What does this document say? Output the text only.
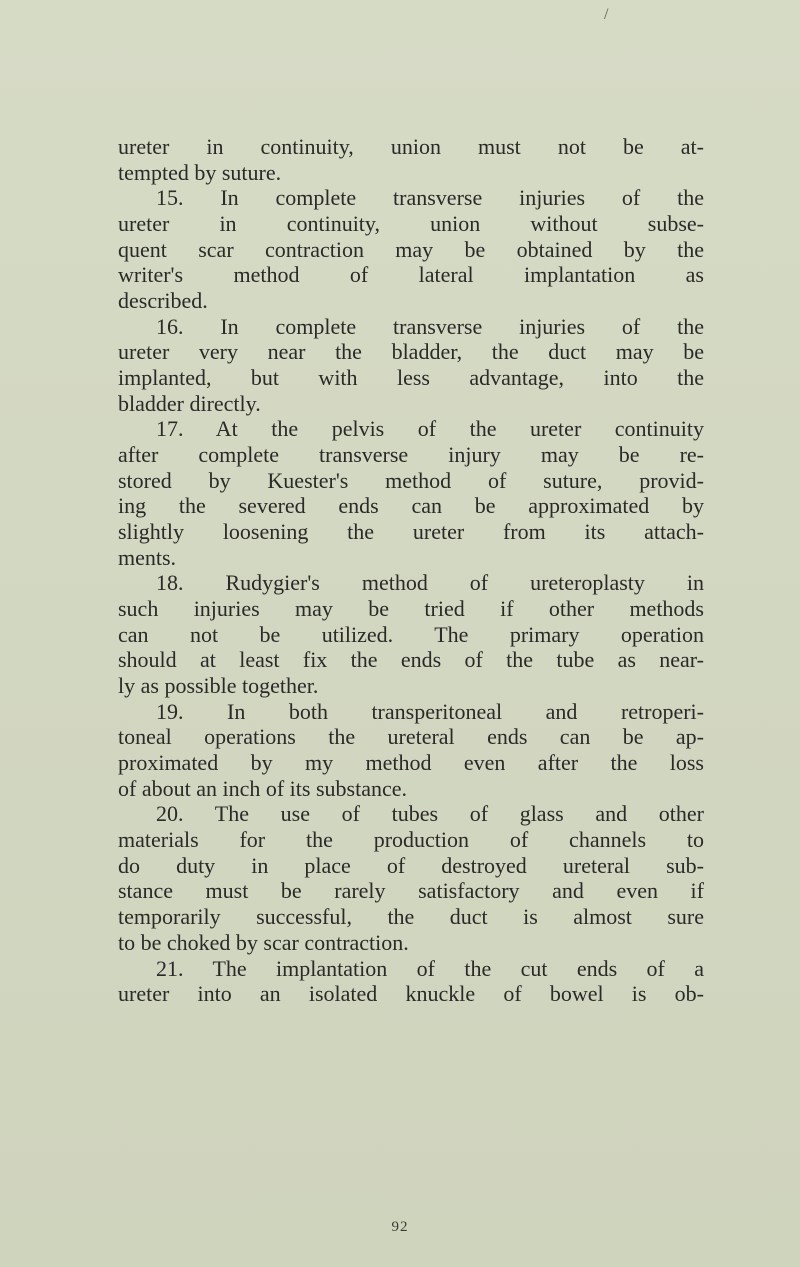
/
ureter in continuity, union must not be at-
tempted by suture.
15. In complete transverse injuries of the
ureter in continuity, union without subse-
quent scar contraction may be obtained by the
writer's method of lateral implantation as
described.
16. In complete transverse injuries of the
ureter very near the bladder, the duct may be
implanted, but with less advantage, into the
bladder directly.
17. At the pelvis of the ureter continuity
after complete transverse injury may be re-
stored by Kuester's method of suture, provid-
ing the severed ends can be approximated by
slightly loosening the ureter from its attach-
ments.
18. Rudygier's method of ureteroplasty in
such injuries may be tried if other methods
can not be utilized. The primary operation
should at least fix the ends of the tube as near-
ly as possible together.
19. In both transperitoneal and retroperi-
toneal operations the ureteral ends can be ap-
proximated by my method even after the loss
of about an inch of its substance.
20. The use of tubes of glass and other
materials for the production of channels to
do duty in place of destroyed ureteral sub-
stance must be rarely satisfactory and even if
temporarily successful, the duct is almost sure
to be choked by scar contraction.
21. The implantation of the cut ends of a
ureter into an isolated knuckle of bowel is ob-
92
